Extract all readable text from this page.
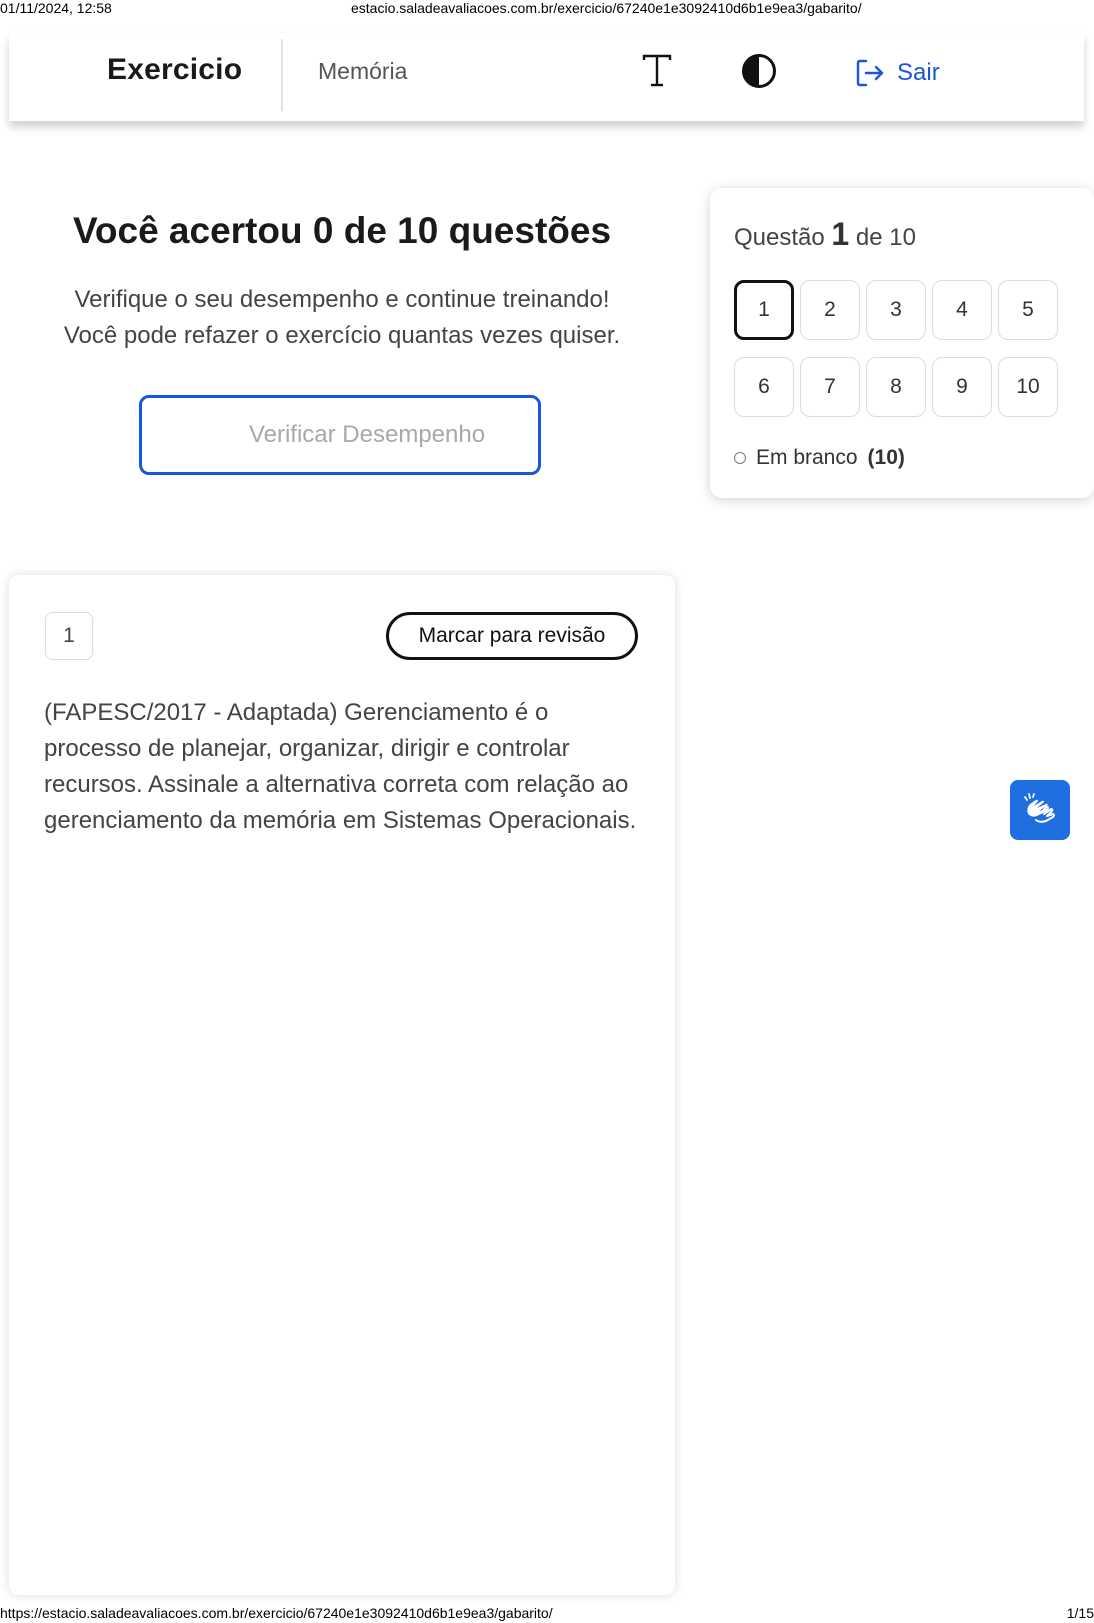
01/11/2024, 12:58	estacio.saladeavaliacoes.com.br/exercicio/67240e1e3092410d6b1e9ea3/gabarito/
Exercicio	Memória	Sair
Você acertou 0 de 10 questões
Verifique o seu desempenho e continue treinando!
Você pode refazer o exercício quantas vezes quiser.
Verificar Desempenho
Questão 1 de 10
1	2	3	4	5
6	7	8	9	10
Em branco (10)
1	Marcar para revisão
(FAPESC/2017 - Adaptada) Gerenciamento é o processo de planejar, organizar, dirigir e controlar recursos. Assinale a alternativa correta com relação ao gerenciamento da memória em Sistemas Operacionais.
https://estacio.saladeavaliacoes.com.br/exercicio/67240e1e3092410d6b1e9ea3/gabarito/	1/15
